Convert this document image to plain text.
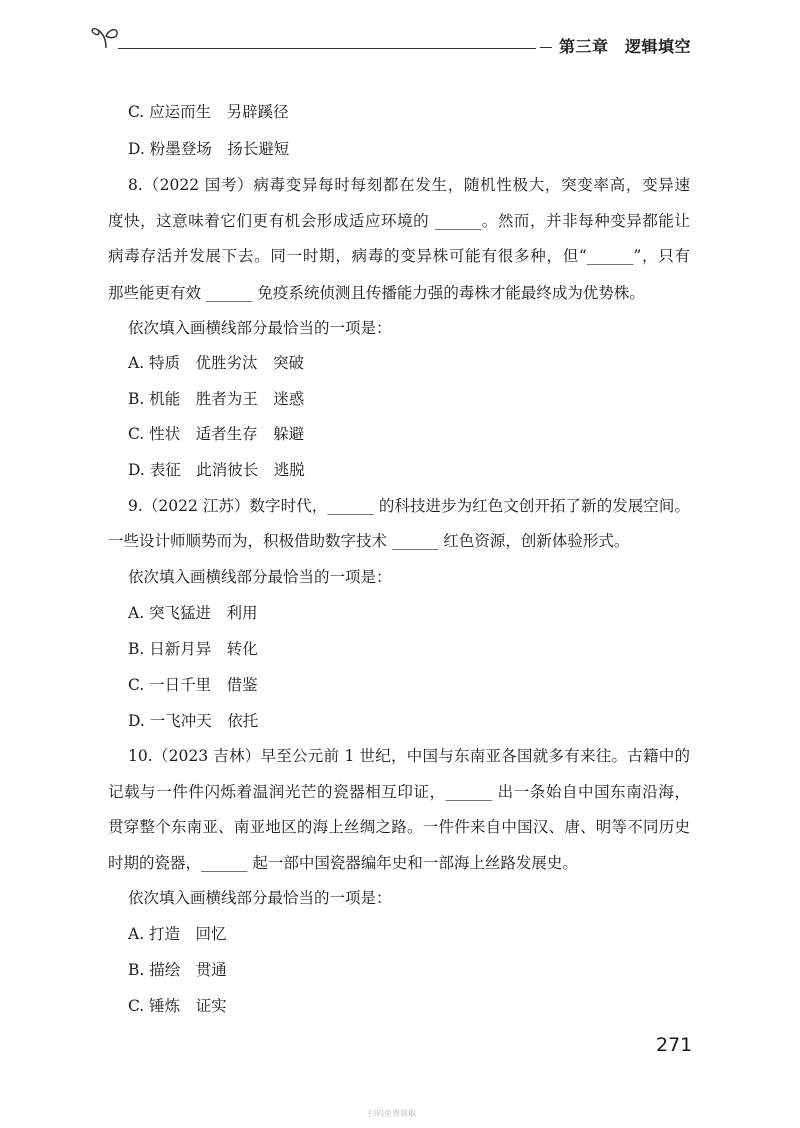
第三章　逻辑填空
C. 应运而生　另辟蹊径
D. 粉墨登场　扬长避短
8.（2022 国考）病毒变异每时每刻都在发生，随机性极大，突变率高，变异速
度快，这意味着它们更有机会形成适应环境的 ______。然而，并非每种变异都能让
病毒存活并发展下去。同一时期，病毒的变异株可能有很多种，但“______”，只有
那些能更有效 ______ 免疫系统侦测且传播能力强的毒株才能最终成为优势株。
依次填入画横线部分最恰当的一项是：
A. 特质　优胜劣汰　突破
B. 机能　胜者为王　迷惑
C. 性状　适者生存　躲避
D. 表征　此消彼长　逃脱
9.（2022 江苏）数字时代，______ 的科技进步为红色文创开拓了新的发展空间。
一些设计师顺势而为，积极借助数字技术 ______ 红色资源，创新体验形式。
依次填入画横线部分最恰当的一项是：
A. 突飞猛进　利用
B. 日新月异　转化
C. 一日千里　借鉴
D. 一飞冲天　依托
10.（2023 吉林）早至公元前 1 世纪，中国与东南亚各国就多有来往。古籍中的
记载与一件件闪烁着温润光芒的瓷器相互印证，______ 出一条始自中国东南沿海，
贯穿整个东南亚、南亚地区的海上丝绸之路。一件件来自中国汉、唐、明等不同历史
时期的瓷器，______ 起一部中国瓷器编年史和一部海上丝路发展史。
依次填入画横线部分最恰当的一项是：
A. 打造　回忆
B. 描绘　贯通
C. 锤炼　证实
271
扫码免费领取
